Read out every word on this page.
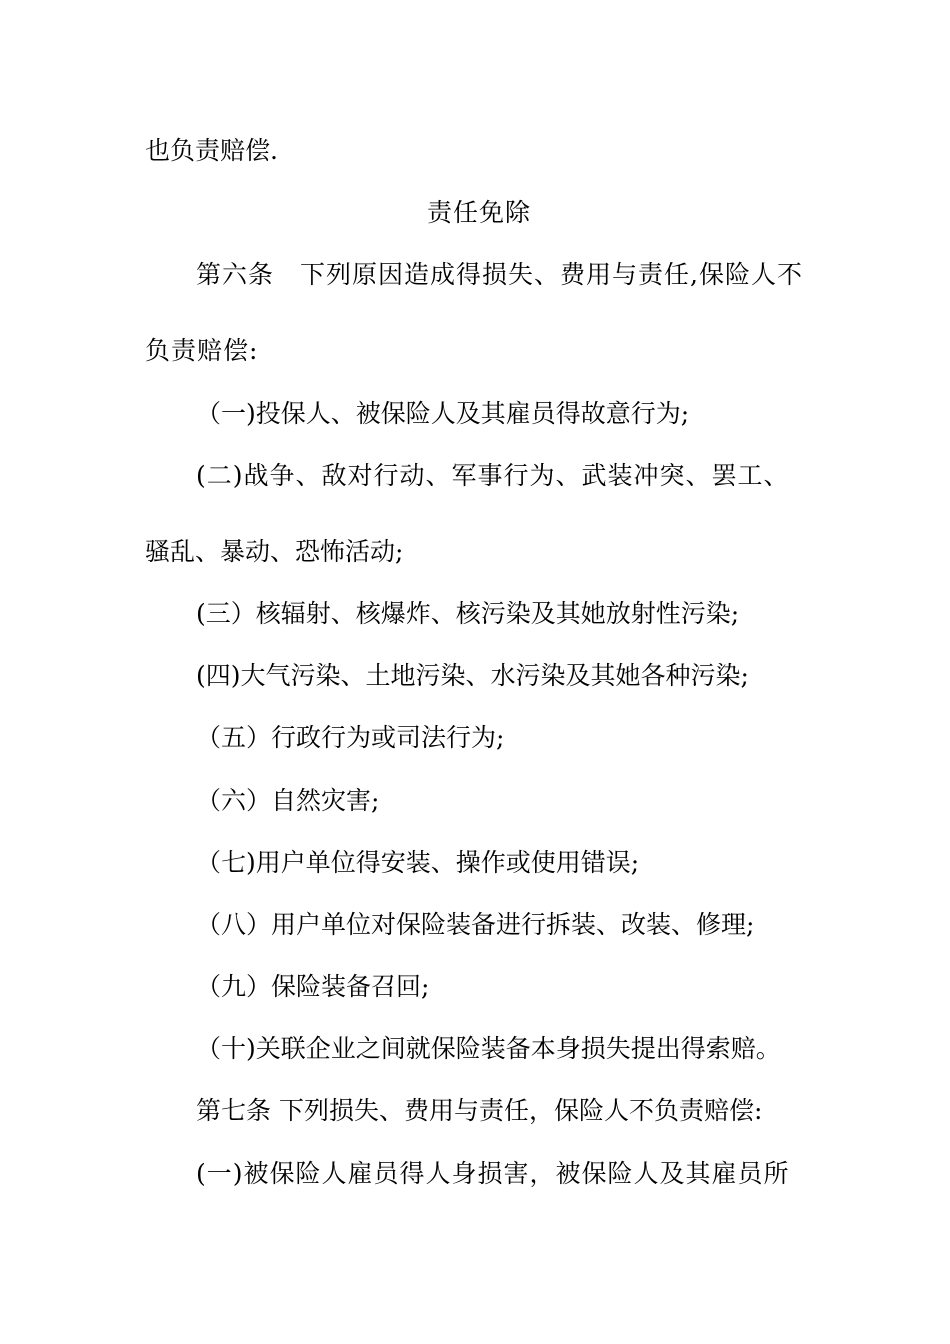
也负责赔偿.
责任免除
第六条　下列原因造成得损失、费用与责任,保险人不
负责赔偿:
（一)投保人、被保险人及其雇员得故意行为;
(二)战争、敌对行动、军事行为、武装冲突、罢工、
骚乱、暴动、恐怖活动;
(三）核辐射、核爆炸、核污染及其她放射性污染;
(四)大气污染、土地污染、水污染及其她各种污染;
（五）行政行为或司法行为;
（六）自然灾害;
（七)用户单位得安装、操作或使用错误;
（八）用户单位对保险装备进行拆装、改装、修理;
（九）保险装备召回;
（十)关联企业之间就保险装备本身损失提出得索赔。
第七条 下列损失、费用与责任，保险人不负责赔偿:
(一)被保险人雇员得人身损害，被保险人及其雇员所
